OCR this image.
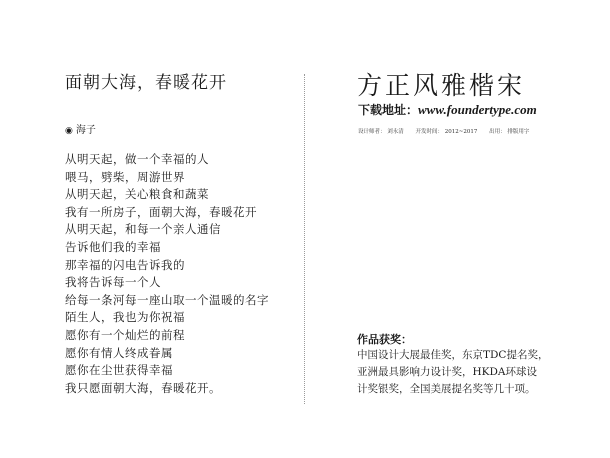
面朝大海，春暖花开
◉ 海子
从明天起，做一个幸福的人
喂马，劈柴，周游世界
从明天起，关心粮食和蔬菜
我有一所房子，面朝大海，春暖花开
从明天起，和每一个亲人通信
告诉他们我的幸福
那幸福的闪电告诉我的
我将告诉每一个人
给每一条河每一座山取一个温暖的名字
陌生人，我也为你祝福
愿你有一个灿烂的前程
愿你有情人终成眷属
愿你在尘世获得幸福
我只愿面朝大海，春暖花开。
方正风雅楷宋
下载地址：www.foundertype.com
设计师者： 刘永清 开发时间： 2012~2017 出用： 排版用字
作品获奖：
中国设计大展最佳奖，东京TDC提名奖，
亚洲最具影响力设计奖，HKDA环球设
计奖银奖，全国美展提名奖等几十项。
